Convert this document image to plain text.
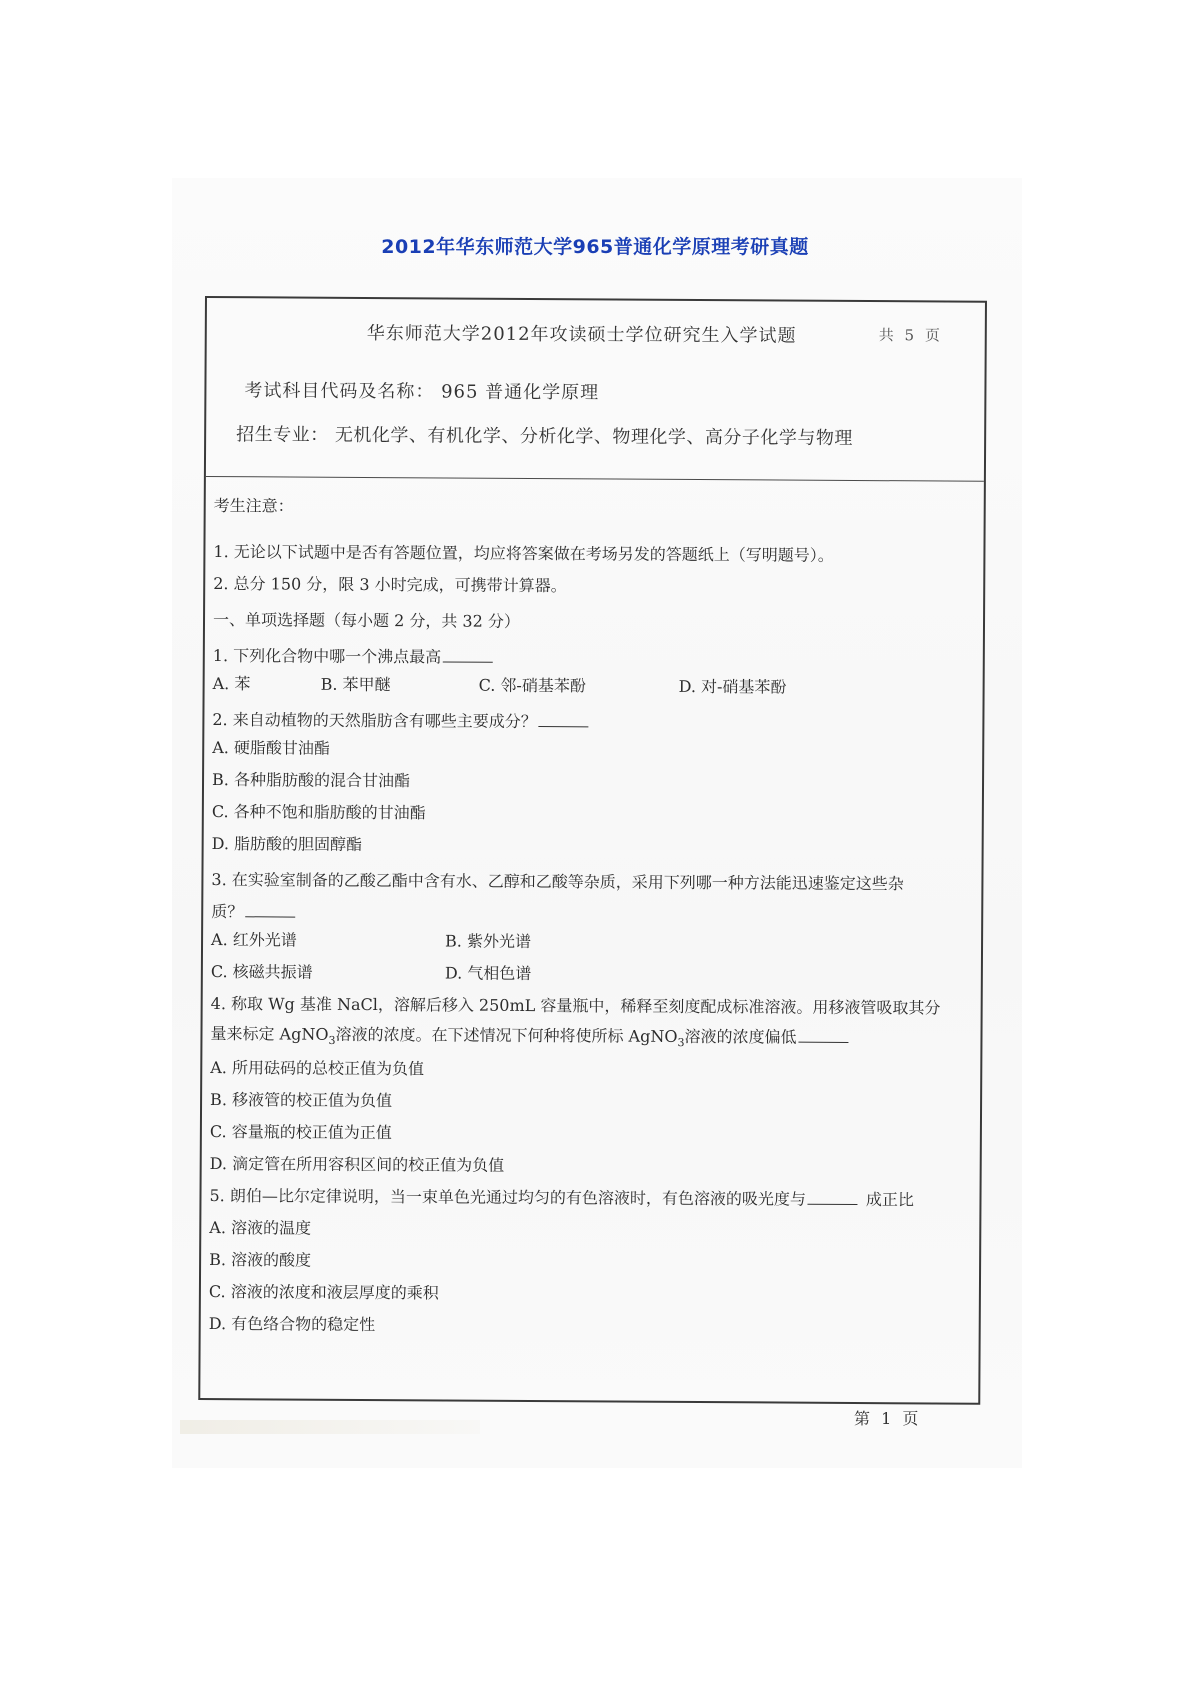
2012年华东师范大学965普通化学原理考研真题
华东师范大学2012年攻读硕士学位研究生入学试题	共 5 页
考试科目代码及名称： 965 普通化学原理
招生专业： 无机化学、有机化学、分析化学、物理化学、高分子化学与物理
考生注意：
1. 无论以下试题中是否有答题位置，均应将答案做在考场另发的答题纸上（写明题号）。
2. 总分 150 分，限 3 小时完成，可携带计算器。
一、单项选择题（每小题 2 分，共 32 分）
1. 下列化合物中哪一个沸点最高
A. 苯	B. 苯甲醚	C. 邻-硝基苯酚	D. 对-硝基苯酚
2. 来自动植物的天然脂肪含有哪些主要成分？
A. 硬脂酸甘油酯
B. 各种脂肪酸的混合甘油酯
C. 各种不饱和脂肪酸的甘油酯
D. 脂肪酸的胆固醇酯
3. 在实验室制备的乙酸乙酯中含有水、乙醇和乙酸等杂质，采用下列哪一种方法能迅速鉴定这些杂
质？
A. 红外光谱	B. 紫外光谱
C. 核磁共振谱	D. 气相色谱
4. 称取 Wg 基准 NaCl，溶解后移入 250mL 容量瓶中，稀释至刻度配成标准溶液。用移液管吸取其分
量来标定 AgNO$_3$溶液的浓度。在下述情况下何种将使所标 AgNO$_3$溶液的浓度偏低
A. 所用砝码的总校正值为负值
B. 移液管的校正值为负值
C. 容量瓶的校正值为正值
D. 滴定管在所用容积区间的校正值为负值
5. 朗伯—比尔定律说明，当一束单色光通过均匀的有色溶液时，有色溶液的吸光度与	成正比
A. 溶液的温度
B. 溶液的酸度
C. 溶液的浓度和液层厚度的乘积
D. 有色络合物的稳定性
第 1 页
